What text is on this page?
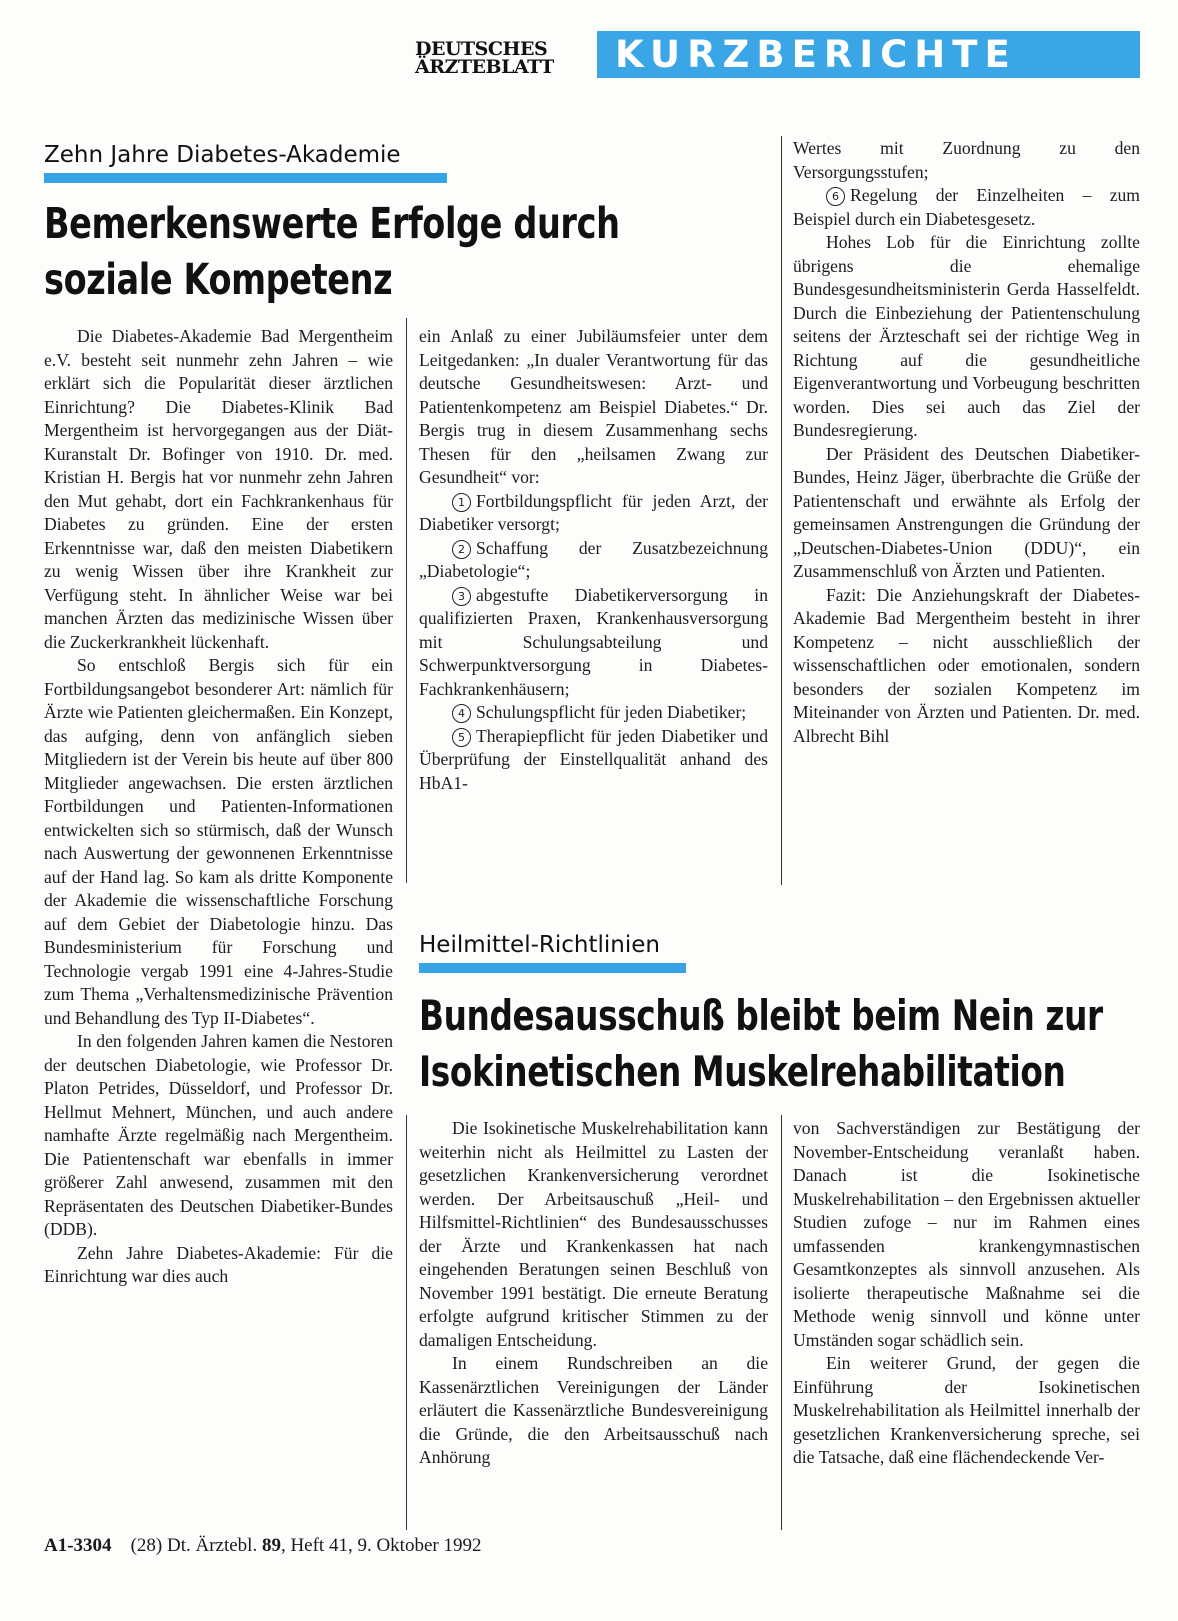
DEUTSCHES
ÄRZTEBLATT	KURZBERICHTE
Zehn Jahre Diabetes-Akademie
Bemerkenswerte Erfolge durch
soziale Kompetenz

Die Diabetes-Akademie Bad Mergentheim e.V. besteht seit nunmehr zehn Jahren – wie erklärt sich die Popularität dieser ärztlichen Einrichtung? Die Diabetes-Klinik Bad Mergentheim ist hervorgegangen aus der Diät-Kuranstalt Dr. Bofinger von 1910. Dr. med. Kristian H. Bergis hat vor nunmehr zehn Jahren den Mut gehabt, dort ein Fachkrankenhaus für Diabetes zu gründen. Eine der ersten Erkenntnisse war, daß den meisten Diabetikern zu wenig Wissen über ihre Krankheit zur Verfügung steht. In ähnlicher Weise war bei manchen Ärzten das medizinische Wissen über die Zuckerkrankheit lückenhaft.

So entschloß Bergis sich für ein Fortbildungsangebot besonderer Art: nämlich für Ärzte wie Patienten gleichermaßen. Ein Konzept, das aufging, denn von anfänglich sieben Mitgliedern ist der Verein bis heute auf über 800 Mitglieder angewachsen. Die ersten ärztlichen Fortbildungen und Patienten-Informationen entwickelten sich so stürmisch, daß der Wunsch nach Auswertung der gewonnenen Erkenntnisse auf der Hand lag. So kam als dritte Komponente der Akademie die wissenschaftliche Forschung auf dem Gebiet der Diabetologie hinzu. Das Bundesministerium für Forschung und Technologie vergab 1991 eine 4-Jahres-Studie zum Thema „Verhaltensmedizinische Prävention und Behandlung des Typ II-Diabetes“.

In den folgenden Jahren kamen die Nestoren der deutschen Diabetologie, wie Professor Dr. Platon Petrides, Düsseldorf, und Professor Dr. Hellmut Mehnert, München, und auch andere namhafte Ärzte regelmäßig nach Mergentheim. Die Patientenschaft war ebenfalls in immer größerer Zahl anwesend, zusammen mit den Repräsentaten des Deutschen Diabetiker-Bundes (DDB).

Zehn Jahre Diabetes-Akademie: Für die Einrichtung war dies auch

ein Anlaß zu einer Jubiläumsfeier unter dem Leitgedanken: „In dualer Verantwortung für das deutsche Gesundheitswesen: Arzt- und Patientenkompetenz am Beispiel Diabetes.“ Dr. Bergis trug in diesem Zusammenhang sechs Thesen für den „heilsamen Zwang zur Gesundheit“ vor:

1 Fortbildungspflicht für jeden Arzt, der Diabetiker versorgt;

2 Schaffung der Zusatzbezeichnung „Diabetologie“;

3 abgestufte Diabetikerversorgung in qualifizierten Praxen, Krankenhausversorgung mit Schulungsabteilung und Schwerpunktversorgung in Diabetes-Fachkrankenhäusern;

4 Schulungspflicht für jeden Diabetiker;

5 Therapiepflicht für jeden Diabetiker und Überprüfung der Einstellqualität anhand des HbA1-

Wertes mit Zuordnung zu den Versorgungsstufen;

6 Regelung der Einzelheiten – zum Beispiel durch ein Diabetesgesetz.

Hohes Lob für die Einrichtung zollte übrigens die ehemalige Bundesgesundheitsministerin Gerda Hasselfeldt. Durch die Einbeziehung der Patientenschulung seitens der Ärzteschaft sei der richtige Weg in Richtung auf die gesundheitliche Eigenverantwortung und Vorbeugung beschritten worden. Dies sei auch das Ziel der Bundesregierung.

Der Präsident des Deutschen Diabetiker-Bundes, Heinz Jäger, überbrachte die Grüße der Patientenschaft und erwähnte als Erfolg der gemeinsamen Anstrengungen die Gründung der „Deutschen-Diabetes-Union (DDU)“, ein Zusammenschluß von Ärzten und Patienten.

Fazit: Die Anziehungskraft der Diabetes-Akademie Bad Mergentheim besteht in ihrer Kompetenz – nicht ausschließlich der wissenschaftlichen oder emotionalen, sondern besonders der sozialen Kompetenz im Miteinander von Ärzten und Patienten. Dr. med. Albrecht Bihl

Heilmittel-Richtlinien
Bundesausschuß bleibt beim Nein zur
Isokinetischen Muskelrehabilitation

Die Isokinetische Muskelrehabilitation kann weiterhin nicht als Heilmittel zu Lasten der gesetzlichen Krankenversicherung verordnet werden. Der Arbeitsauschuß „Heil- und Hilfsmittel-Richtlinien“ des Bundesausschusses der Ärzte und Krankenkassen hat nach eingehenden Beratungen seinen Beschluß von November 1991 bestätigt. Die erneute Beratung erfolgte aufgrund kritischer Stimmen zu der damaligen Entscheidung.

In einem Rundschreiben an die Kassenärztlichen Vereinigungen der Länder erläutert die Kassenärztliche Bundesvereinigung die Gründe, die den Arbeitsausschuß nach Anhörung

von Sachverständigen zur Bestätigung der November-Entscheidung veranlaßt haben. Danach ist die Isokinetische Muskelrehabilitation – den Ergebnissen aktueller Studien zufoge – nur im Rahmen eines umfassenden krankengymnastischen Gesamtkonzeptes als sinnvoll anzusehen. Als isolierte therapeutische Maßnahme sei die Methode wenig sinnvoll und könne unter Umständen sogar schädlich sein.

Ein weiterer Grund, der gegen die Einführung der Isokinetischen Muskelrehabilitation als Heilmittel innerhalb der gesetzlichen Krankenversicherung spreche, sei die Tatsache, daß eine flächendeckende Ver-

A1-3304 (28) Dt. Ärztebl. 89, Heft 41, 9. Oktober 1992
